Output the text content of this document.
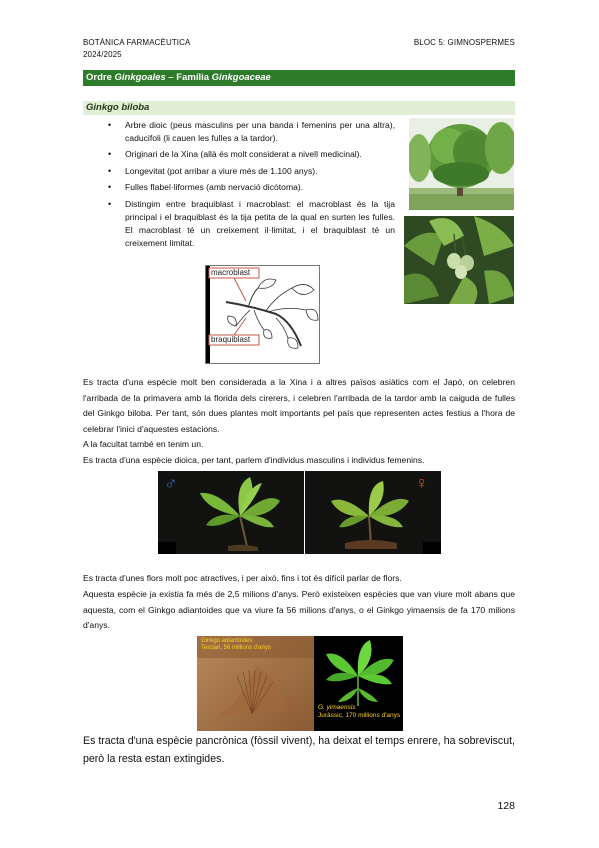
BOTÀNICA FARMACÈUTICA
2024/2025
BLOC 5: GIMNOSPERMES
Ordre Ginkgoales – Família Ginkgoaceae
Ginkgo biloba
• Arbre dioic (peus masculins per una banda i femenins per una altra), caducifoli (li cauen les fulles a la tardor).
• Originari de la Xina (allà és molt considerat a nivell medicinal).
• Longevitat (pot arribar a viure més de 1.100 anys).
• Fulles flabel·liformes (amb nervació dicòtoma).
• Distingim entre braquiblast i macroblast: el macroblast és la tija principal i el braquiblast és la tija petita de la qual en surten les fulles. El macroblast té un creixement il·limitat, i el braquiblast té un creixement limitat.
macroblast
braquiblast

Es tracta d'una espècie molt ben considerada a la Xina i a altres països asiàtics com el Japó, on celebren l'arribada de la primavera amb la florida dels cirerers, i celebren l'arribada de la tardor amb la caiguda de fulles del Ginkgo biloba. Per tant, són dues plantes molt importants pel país que representen actes festius a l'hora de celebrar l'inici d'aquestes estacions.

A la facultat també en tenim un.

Es tracta d'una espècie dioica, per tant, parlem d'individus masculins i individus femenins.

♂	♀

Es tracta d'unes flors molt poc atractives, i per això, fins i tot és difícil parlar de flors.

Aquesta espècie ja existia fa més de 2,5 milions d'anys. Però existeixen espècies que van viure molt abans que aquesta, com el Ginkgo adiantoides que va viure fa 56 milions d'anys, o el Ginkgo yimaensis de fa 170 milions d'anys.

Ginkgo adiantoides
Terciari, 56 millions d'anys
G. yimaensis
Juràssic, 170 millions d'anys

Es tracta d'una espècie pancrònica (fòssil vivent), ha deixat el temps enrere, ha sobreviscut, però la resta estan extingides.

128
